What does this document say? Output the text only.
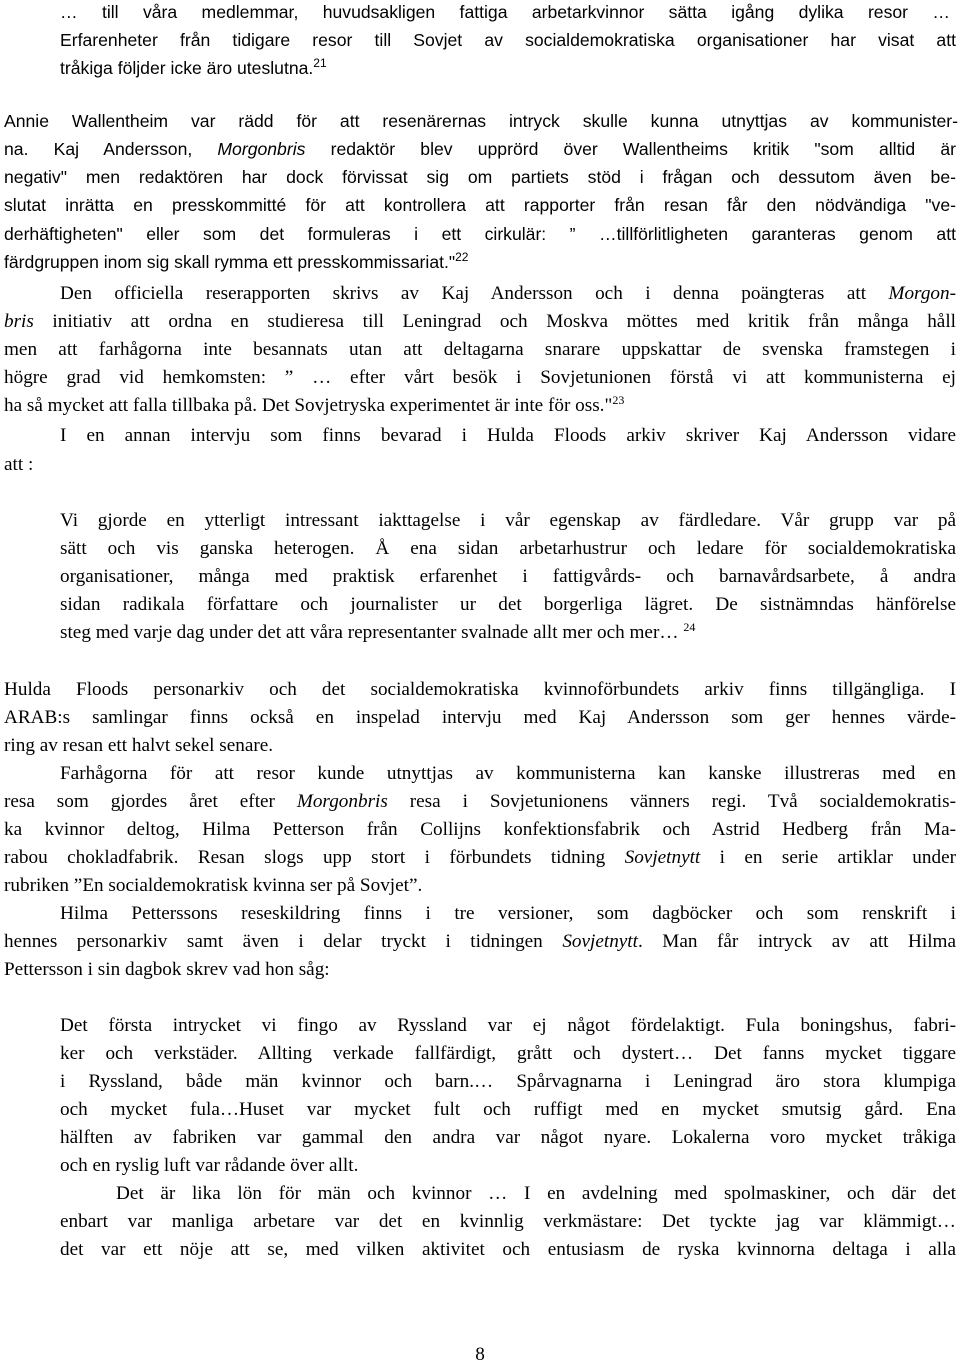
… till våra medlemmar, huvudsakligen fattiga arbetarkvinnor sätta igång dylika resor …
Erfarenheter från tidigare resor till Sovjet av socialdemokratiska organisationer har visat att
tråkiga följder icke äro uteslutna.$^{21}$
Annie Wallentheim var rädd för att resenärernas intryck skulle kunna utnyttjas av kommunister-
na. Kaj Andersson, Morgonbris redaktör blev upprörd över Wallentheims kritik "som alltid är
negativ" men redaktören har dock förvissat sig om partiets stöd i frågan och dessutom även be-
slutat inrätta en presskommitté för att kontrollera att rapporter från resan får den nödvändiga "ve-
derhäftigheten" eller som det formuleras i ett cirkulär: ” …tillförlitligheten garanteras genom att
färdgruppen inom sig skall rymma ett presskommissariat."$^{22}$
Den officiella reserapporten skrivs av Kaj Andersson och i denna poängteras att Morgon-
bris initiativ att ordna en studieresa till Leningrad och Moskva möttes med kritik från många håll
men att farhågorna inte besannats utan att deltagarna snarare uppskattar de svenska framstegen i
högre grad vid hemkomsten: ” … efter vårt besök i Sovjetunionen förstå vi att kommunisterna ej
ha så mycket att falla tillbaka på. Det Sovjetryska experimentet är inte för oss."$^{23}$
I en annan intervju som finns bevarad i Hulda Floods arkiv skriver Kaj Andersson vidare
att :
Vi gjorde en ytterligt intressant iakttagelse i vår egenskap av färdledare. Vår grupp var på
sätt och vis ganska heterogen. Å ena sidan arbetarhustrur och ledare för socialdemokratiska
organisationer, många med praktisk erfarenhet i fattigvårds- och barnavårdsarbete, å andra
sidan radikala författare och journalister ur det borgerliga lägret. De sistnämndas hänförelse
steg med varje dag under det att våra representanter svalnade allt mer och mer… $^{24}$
Hulda Floods personarkiv och det socialdemokratiska kvinnoförbundets arkiv finns tillgängliga. I
ARAB:s samlingar finns också en inspelad intervju med Kaj Andersson som ger hennes värde-
ring av resan ett halvt sekel senare.
Farhågorna för att resor kunde utnyttjas av kommunisterna kan kanske illustreras med en
resa som gjordes året efter Morgonbris resa i Sovjetunionens vänners regi. Två socialdemokratis-
ka kvinnor deltog, Hilma Petterson från Collijns konfektionsfabrik och Astrid Hedberg från Ma-
rabou chokladfabrik. Resan slogs upp stort i förbundets tidning Sovjetnytt i en serie artiklar under
rubriken ”En socialdemokratisk kvinna ser på Sovjet”.
Hilma Petterssons reseskildring finns i tre versioner, som dagböcker och som renskrift i
hennes personarkiv samt även i delar tryckt i tidningen Sovjetnytt. Man får intryck av att Hilma
Pettersson i sin dagbok skrev vad hon såg:
Det första intrycket vi fingo av Ryssland var ej något fördelaktigt. Fula boningshus, fabri-
ker och verkstäder. Allting verkade fallfärdigt, grått och dystert… Det fanns mycket tiggare
i Ryssland, både män kvinnor och barn.… Spårvagnarna i Leningrad äro stora klumpiga
och mycket fula…Huset var mycket fult och ruffigt med en mycket smutsig gård. Ena
hälften av fabriken var gammal den andra var något nyare. Lokalerna voro mycket tråkiga
och en ryslig luft var rådande över allt.
Det är lika lön för män och kvinnor … I en avdelning med spolmaskiner, och där det
enbart var manliga arbetare var det en kvinnlig verkmästare: Det tyckte jag var klämmigt…
det var ett nöje att se, med vilken aktivitet och entusiasm de ryska kvinnorna deltaga i alla
8
